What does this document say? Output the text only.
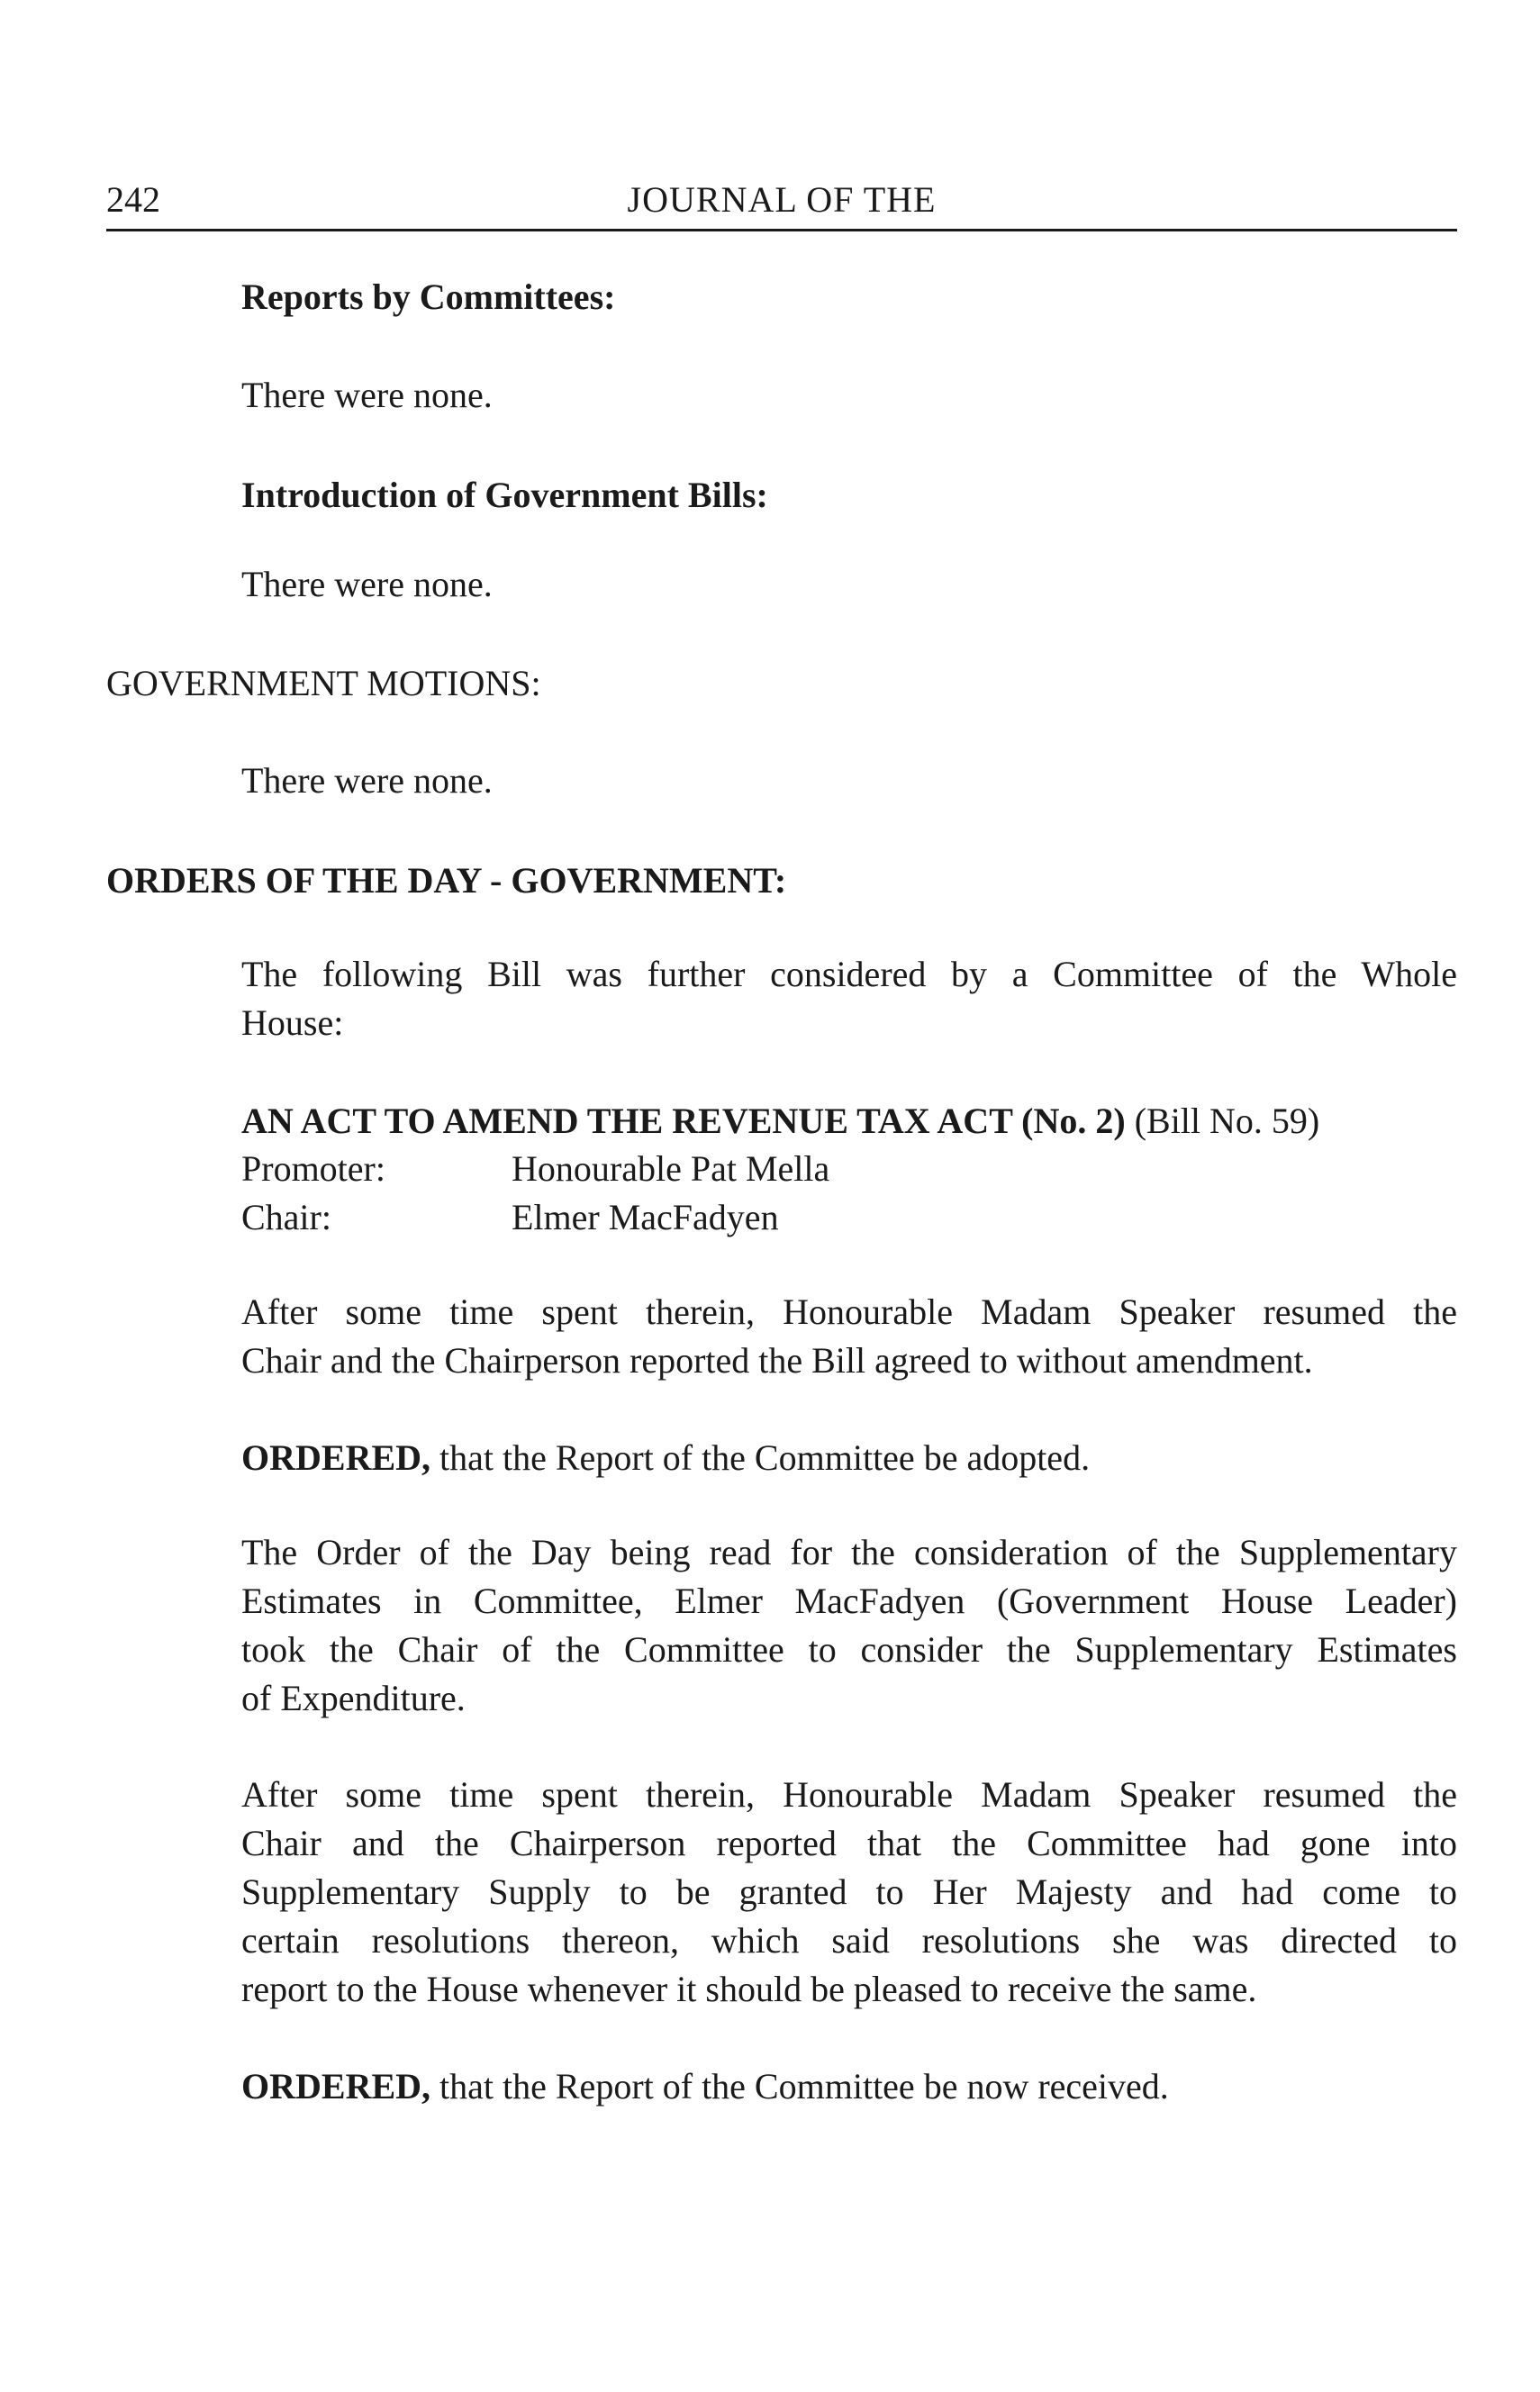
242	JOURNAL OF THE
Reports by Committees:
There were none.
Introduction of Government Bills:
There were none.
GOVERNMENT MOTIONS:
There were none.
ORDERS OF THE DAY - GOVERNMENT:
The following Bill was further considered by a Committee of the Whole
House:
AN ACT TO AMEND THE REVENUE TAX ACT (No. 2) (Bill No. 59)
Promoter:	Honourable Pat Mella
Chair:	Elmer MacFadyen
After some time spent therein, Honourable Madam Speaker resumed the
Chair and the Chairperson reported the Bill agreed to without amendment.
ORDERED, that the Report of the Committee be adopted.
The Order of the Day being read for the consideration of the Supplementary
Estimates in Committee, Elmer MacFadyen (Government House Leader)
took the Chair of the Committee to consider the Supplementary Estimates
of Expenditure.
After some time spent therein, Honourable Madam Speaker resumed the
Chair and the Chairperson reported that the Committee had gone into
Supplementary Supply to be granted to Her Majesty and had come to
certain resolutions thereon, which said resolutions she was directed to
report to the House whenever it should be pleased to receive the same.
ORDERED, that the Report of the Committee be now received.
